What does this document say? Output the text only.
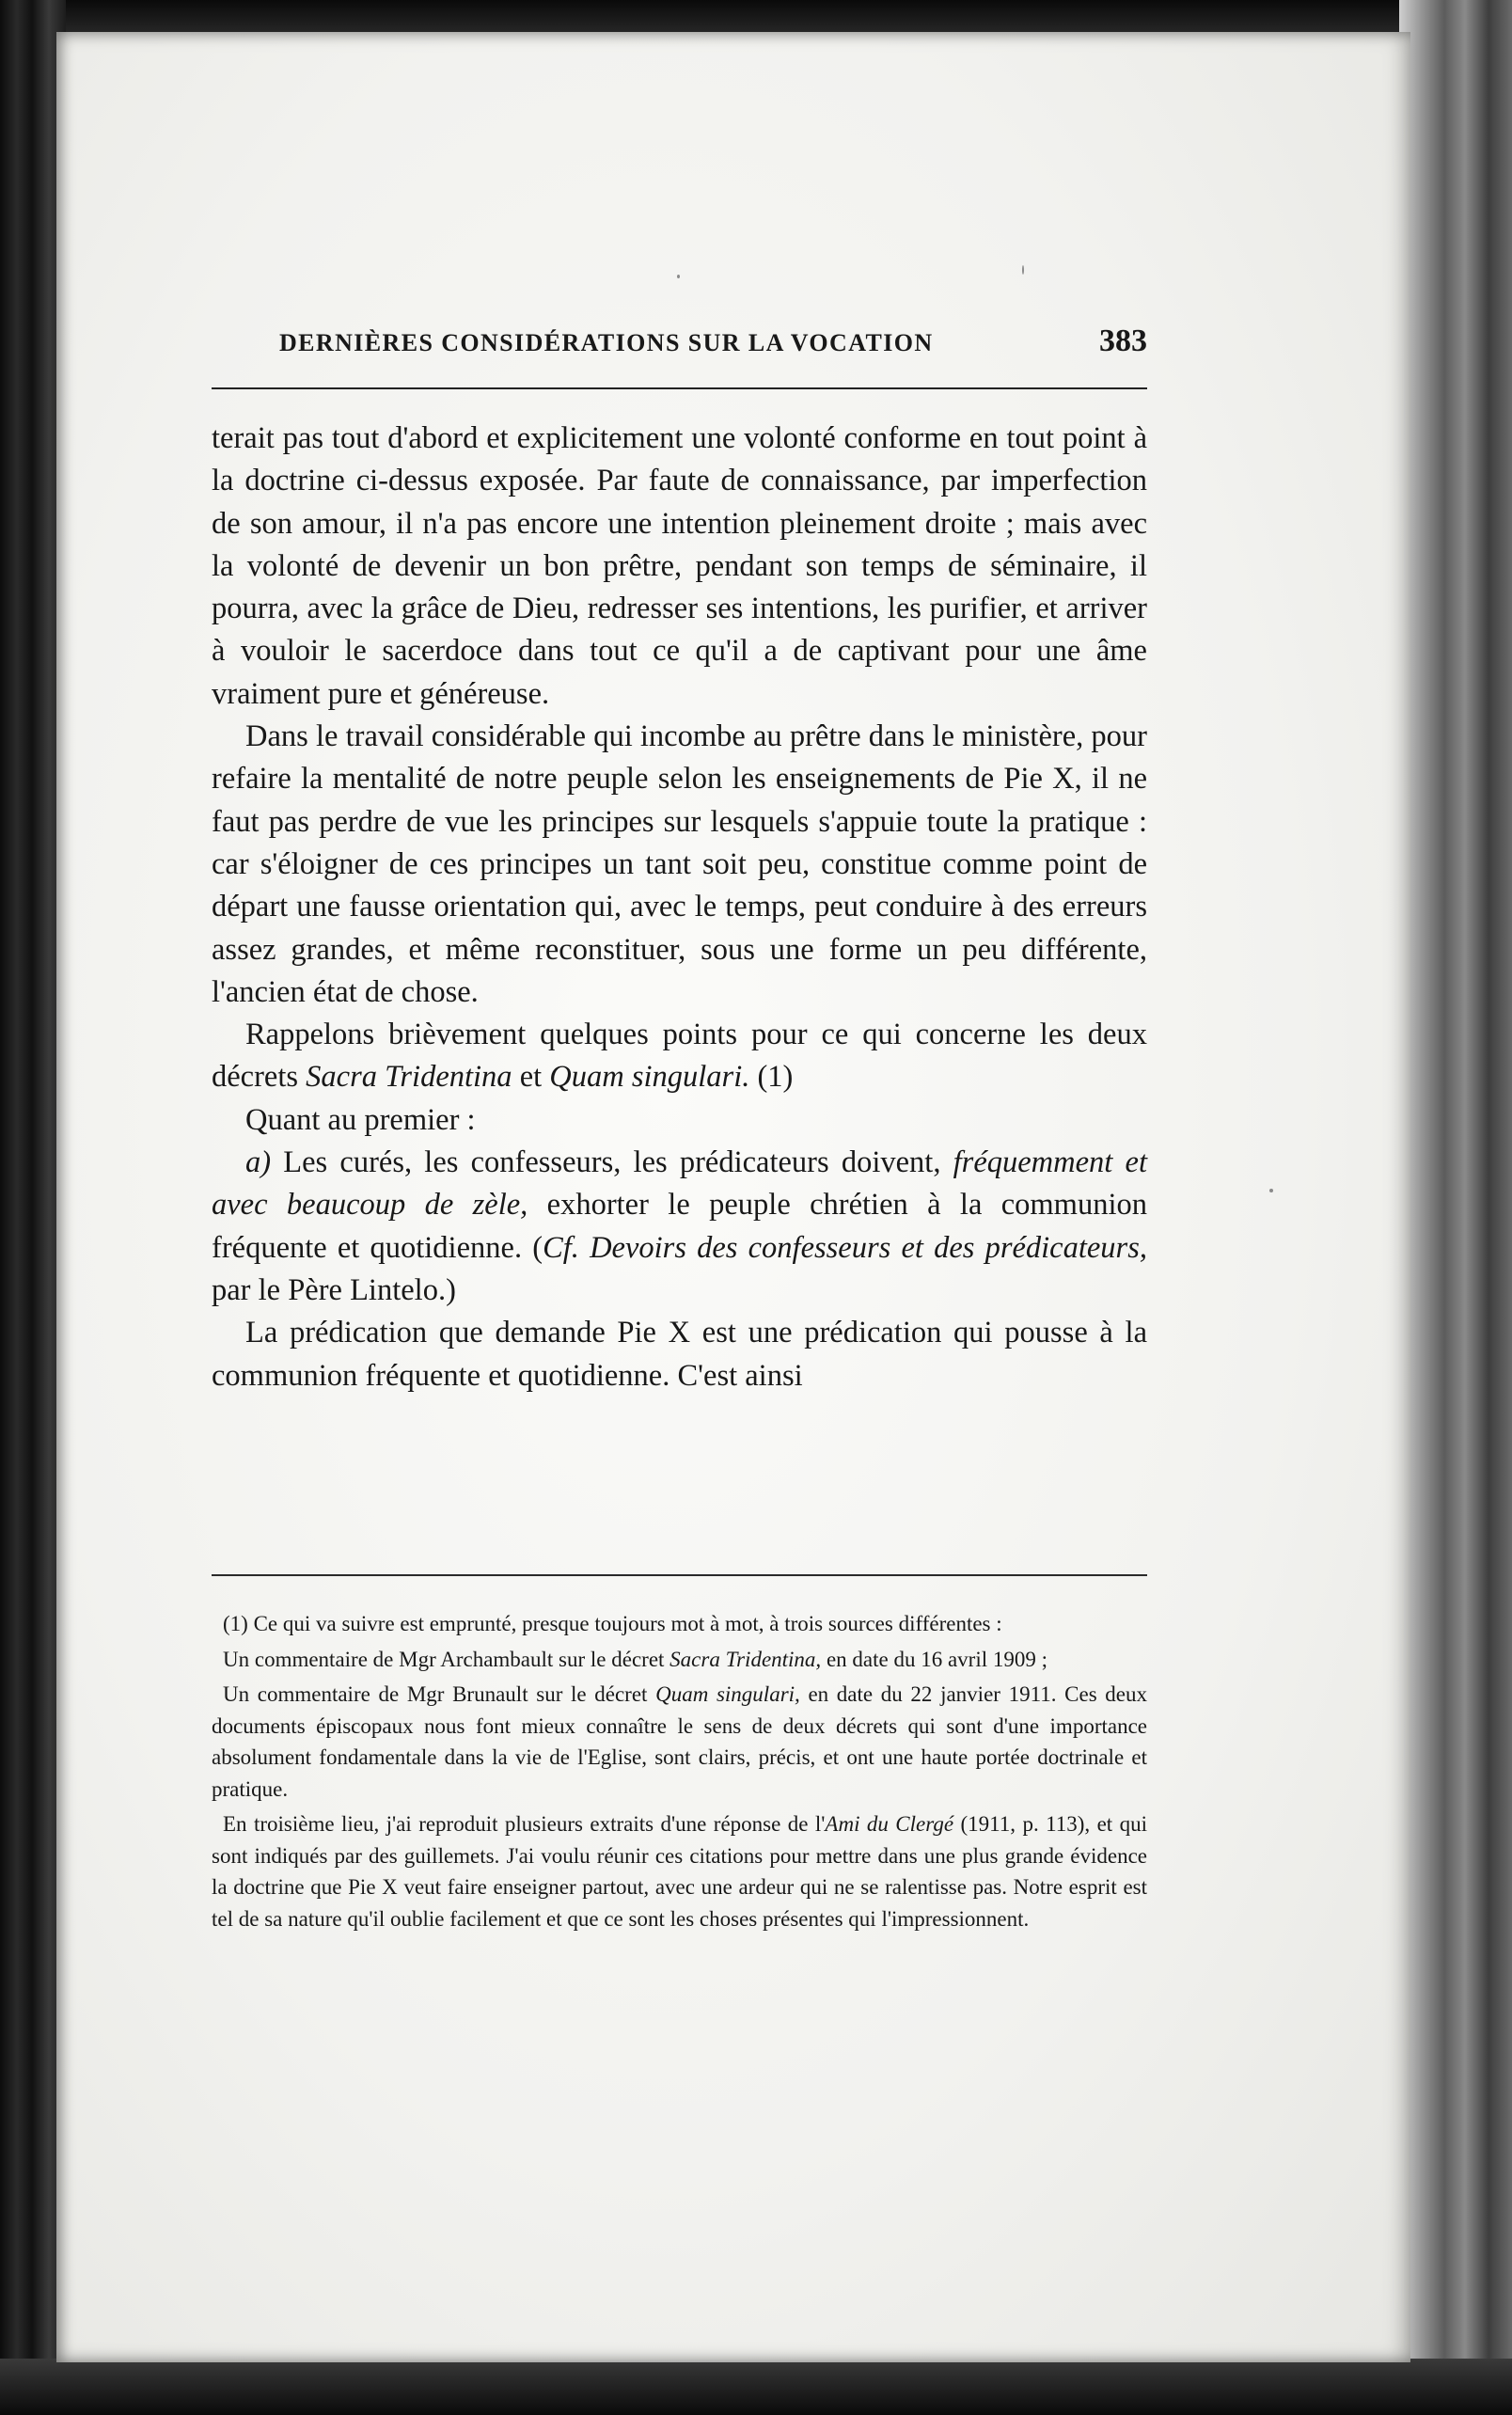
DERNIÈRES CONSIDÉRATIONS SUR LA VOCATION	383

terait pas tout d'abord et explicitement une volonté conforme en tout point à la doctrine ci-dessus exposée. Par faute de connaissance, par imperfection de son amour, il n'a pas encore une intention pleinement droite ; mais avec la volonté de devenir un bon prêtre, pendant son temps de séminaire, il pourra, avec la grâce de Dieu, redresser ses intentions, les purifier, et arriver à vouloir le sacerdoce dans tout ce qu'il a de captivant pour une âme vraiment pure et généreuse.

Dans le travail considérable qui incombe au prêtre dans le ministère, pour refaire la mentalité de notre peuple selon les enseignements de Pie X, il ne faut pas perdre de vue les principes sur lesquels s'appuie toute la pratique : car s'éloigner de ces principes un tant soit peu, constitue comme point de départ une fausse orientation qui, avec le temps, peut conduire à des erreurs assez grandes, et même reconstituer, sous une forme un peu différente, l'ancien état de chose.

Rappelons brièvement quelques points pour ce qui concerne les deux décrets Sacra Tridentina et Quam singulari. (1)

Quant au premier :

a) Les curés, les confesseurs, les prédicateurs doivent, fréquemment et avec beaucoup de zèle, exhorter le peuple chrétien à la communion fréquente et quotidienne. (Cf. Devoirs des confesseurs et des prédicateurs, par le Père Lintelo.)

La prédication que demande Pie X est une prédication qui pousse à la communion fréquente et quotidienne. C'est ainsi

(1) Ce qui va suivre est emprunté, presque toujours mot à mot, à trois sources différentes :

Un commentaire de Mgr Archambault sur le décret Sacra Tridentina, en date du 16 avril 1909 ;

Un commentaire de Mgr Brunault sur le décret Quam singulari, en date du 22 janvier 1911. Ces deux documents épiscopaux nous font mieux connaître le sens de deux décrets qui sont d'une importance absolument fondamentale dans la vie de l'Eglise, sont clairs, précis, et ont une haute portée doctrinale et pratique.

En troisième lieu, j'ai reproduit plusieurs extraits d'une réponse de l'Ami du Clergé (1911, p. 113), et qui sont indiqués par des guillemets. J'ai voulu réunir ces citations pour mettre dans une plus grande évidence la doctrine que Pie X veut faire enseigner partout, avec une ardeur qui ne se ralentisse pas. Notre esprit est tel de sa nature qu'il oublie facilement et que ce sont les choses présentes qui l'impressionnent.
